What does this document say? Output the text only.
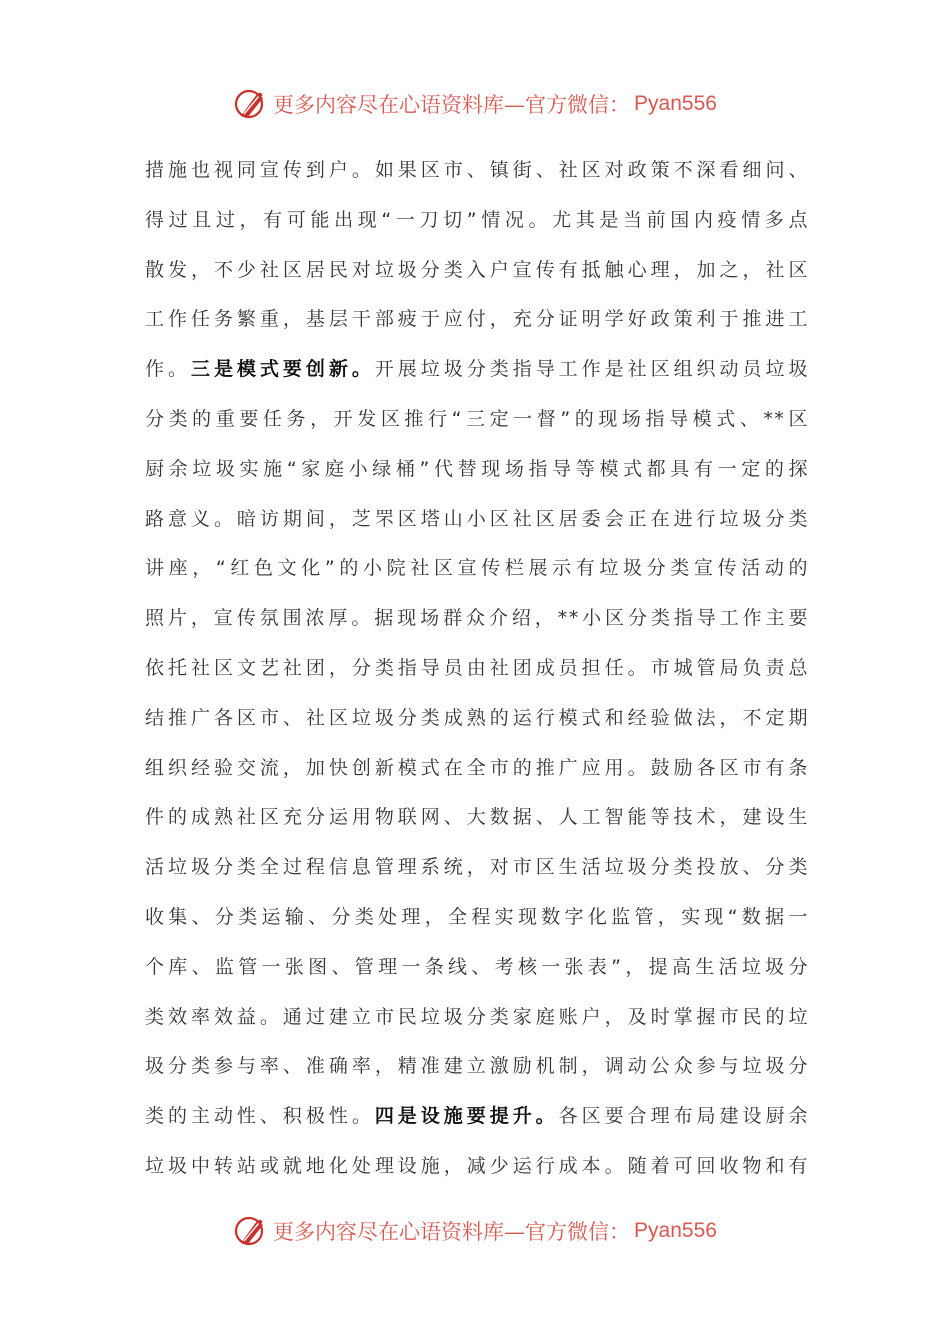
更多内容尽在心语资料库—官方微信： Pyan556
措施也视同宣传到户。如果区市、镇街、社区对政策不深看细问、
得过且过，有可能出现“一刀切”情况。尤其是当前国内疫情多点
散发，不少社区居民对垃圾分类入户宣传有抵触心理，加之，社区
工作任务繁重，基层干部疲于应付，充分证明学好政策利于推进工
作。三是模式要创新。开展垃圾分类指导工作是社区组织动员垃圾
分类的重要任务，开发区推行“三定一督”的现场指导模式、**区
厨余垃圾实施“家庭小绿桶”代替现场指导等模式都具有一定的探
路意义。暗访期间，芝罘区塔山小区社区居委会正在进行垃圾分类
讲座，“红色文化”的小院社区宣传栏展示有垃圾分类宣传活动的
照片，宣传氛围浓厚。据现场群众介绍，**小区分类指导工作主要
依托社区文艺社团，分类指导员由社团成员担任。市城管局负责总
结推广各区市、社区垃圾分类成熟的运行模式和经验做法，不定期
组织经验交流，加快创新模式在全市的推广应用。鼓励各区市有条
件的成熟社区充分运用物联网、大数据、人工智能等技术，建设生
活垃圾分类全过程信息管理系统，对市区生活垃圾分类投放、分类
收集、分类运输、分类处理，全程实现数字化监管，实现“数据一
个库、监管一张图、管理一条线、考核一张表”，提高生活垃圾分
类效率效益。通过建立市民垃圾分类家庭账户，及时掌握市民的垃
圾分类参与率、准确率，精准建立激励机制，调动公众参与垃圾分
类的主动性、积极性。四是设施要提升。各区要合理布局建设厨余
垃圾中转站或就地化处理设施，减少运行成本。随着可回收物和有
更多内容尽在心语资料库—官方微信： Pyan556
